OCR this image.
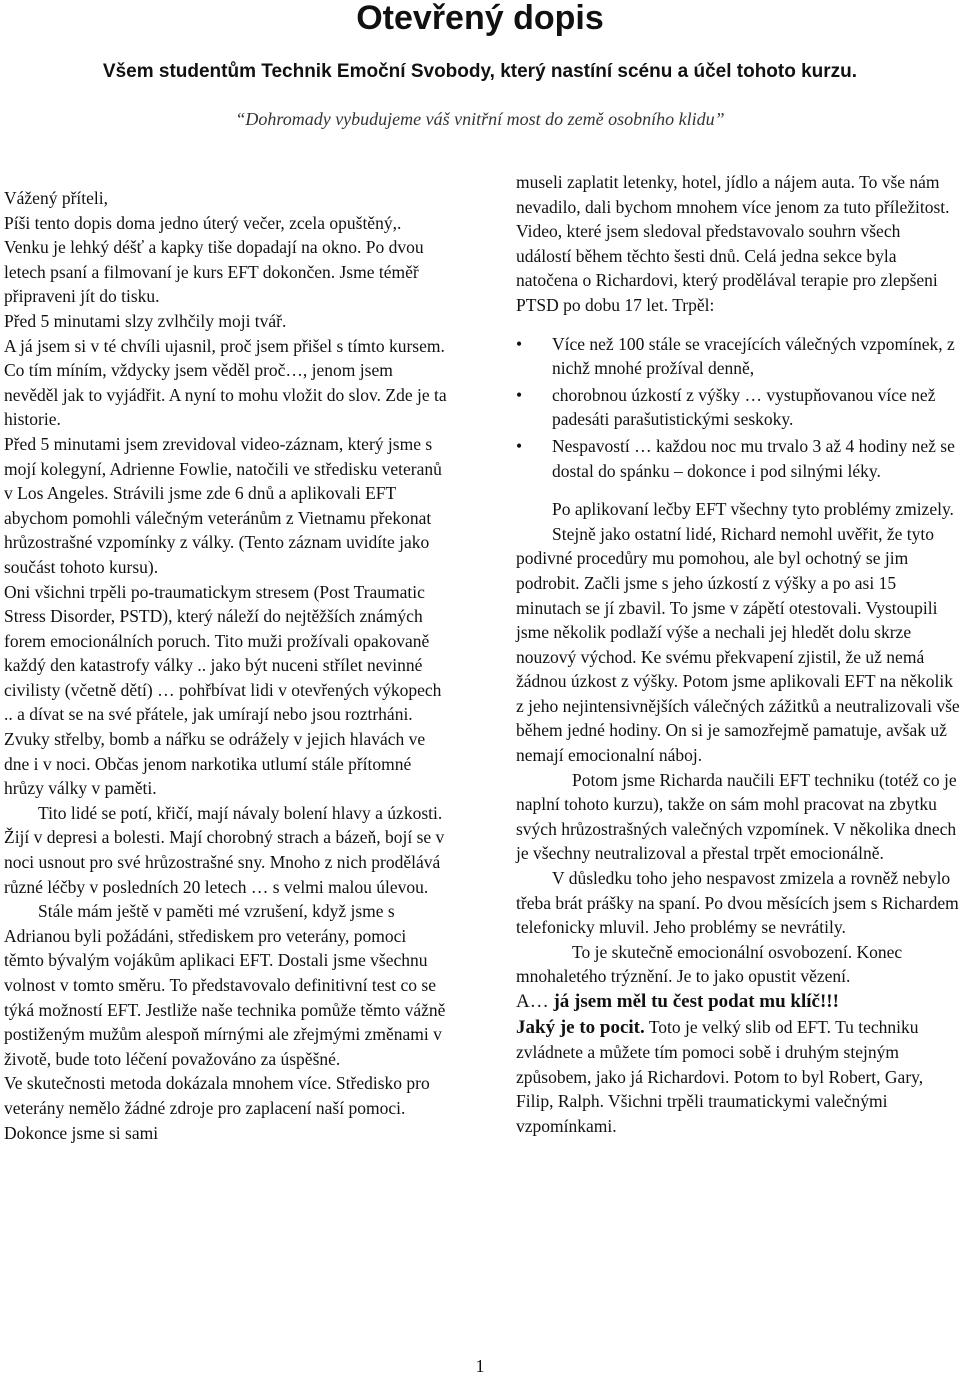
Otevřený dopis
Všem studentům Technik Emoční Svobody, který nastíní scénu a účel tohoto kurzu.
“Dohromady vybudujeme váš vnitřní most do země osobního klidu”

Vážený příteli,

Píši tento dopis doma jedno úterý večer, zcela opuštěný,. Venku je lehký déšť a kapky tiše dopadají na okno. Po dvou letech psaní a filmovaní je kurs EFT dokončen. Jsme téměř připraveni jít do tisku.

Před 5 minutami slzy zvlhčily moji tvář.

A já jsem si v té chvíli ujasnil, proč jsem přišel s tímto kursem. Co tím míním, vždycky jsem věděl proč…, jenom jsem nevěděl jak to vyjádřit. A nyní to mohu vložit do slov. Zde je ta historie.

Před 5 minutami jsem zrevidoval video-záznam, který jsme s mojí kolegyní, Adrienne Fowlie, natočili ve středisku veteranů v Los Angeles. Strávili jsme zde 6 dnů a aplikovali EFT abychom pomohli válečným veteránům z Vietnamu překonat hrůzostrašné vzpomínky z války. (Tento záznam uvidíte jako součást tohoto kursu).

Oni všichni trpěli po-traumatickym stresem (Post Traumatic Stress Disorder, PSTD), který náleží do nejtěžších známých forem emocionálních poruch. Tito muži prožívali opakovaně každý den katastrofy války .. jako být nuceni střílet nevinné civilisty (včetně dětí) … pohřbívat lidi v otevřených výkopech .. a dívat se na své přátele, jak umírají nebo jsou roztrháni. Zvuky střelby, bomb a nářku se odrážely v jejich hlavách ve dne i v noci. Občas jenom narkotika utlumí stále přítomné hrůzy války v paměti.

Tito lidé se potí, křičí, mají návaly bolení hlavy a úzkosti. Žijí v depresi a bolesti. Mají chorobný strach a bázeň, bojí se v noci usnout pro své hrůzostrašné sny. Mnoho z nich prodělává různé léčby v posledních 20 letech … s velmi malou úlevou.

Stále mám ještě v paměti mé vzrušení, když jsme s Adrianou byli požádáni, střediskem pro veterány, pomoci těmto bývalým vojákům aplikaci EFT. Dostali jsme všechnu volnost v tomto směru. To představovalo definitivní test co se týká možností EFT. Jestliže naše technika pomůže těmto vážně postiženým mužům alespoň mírnými ale zřejmými změnami v životě, bude toto léčení považováno za úspěšné.

Ve skutečnosti metoda dokázala mnohem více. Středisko pro veterány nemělo žádné zdroje pro zaplacení naší pomoci. Dokonce jsme si sami

museli zaplatit letenky, hotel, jídlo a nájem auta. To vše nám nevadilo, dali bychom mnohem více jenom za tuto příležitost.

Video, které jsem sledoval představovalo souhrn všech událostí během těchto šesti dnů. Celá jedna sekce byla natočena o Richardovi, který prodělával terapie pro zlepšeni PTSD po dobu 17 let. Trpěl:

•	Více než 100 stále se vracejících válečných vzpomínek, z nichž mnohé prožíval denně,
•	chorobnou úzkostí z výšky … vystupňovanou více než padesáti parašutistickými seskoky.
•	Nespavostí … každou noc mu trvalo 3 až 4 hodiny než se dostal do spánku – dokonce i pod silnými léky.

Po aplikovaní lečby EFT všechny tyto problémy zmizely.

Stejně jako ostatní lidé, Richard nemohl uvěřit, že tyto podivné procedůry mu pomohou, ale byl ochotný se jim podrobit. Začli jsme s jeho úzkostí z výšky a po asi 15 minutach se jí zbavil. To jsme v zápětí otestovali. Vystoupili jsme několik podlaží výše a nechali jej hledět dolu skrze nouzový východ. Ke svému překvapení zjistil, že už nemá žádnou úzkost z výšky. Potom jsme aplikovali EFT na několik z jeho nejintensivnějších válečných zážitků a neutralizovali vše během jedné hodiny. On si je samozřejmě pamatuje, avšak už nemají emocionalní náboj.

Potom jsme Richarda naučili EFT techniku (totéž co je naplní tohoto kurzu), takže on sám mohl pracovat na zbytku svých hrůzostrašných valečných vzpomínek. V několika dnech je všechny neutralizoval a přestal trpět emocionálně.

V důsledku toho jeho nespavost zmizela a rovněž nebylo třeba brát prášky na spaní. Po dvou měsících jsem s Richardem telefonicky mluvil. Jeho problémy se nevrátily.

To je skutečně emocionální osvobození. Konec mnohaletého trýznění. Je to jako opustit vězení.

A… já jsem měl tu čest podat mu klíč!!!

Jaký je to pocit. Toto je velký slib od EFT. Tu techniku zvládnete a můžete tím pomoci sobě i druhým stejným způsobem, jako já Richardovi. Potom to byl Robert, Gary, Filip, Ralph. Všichni trpěli traumatickymi valečnými vzpomínkami.

1
